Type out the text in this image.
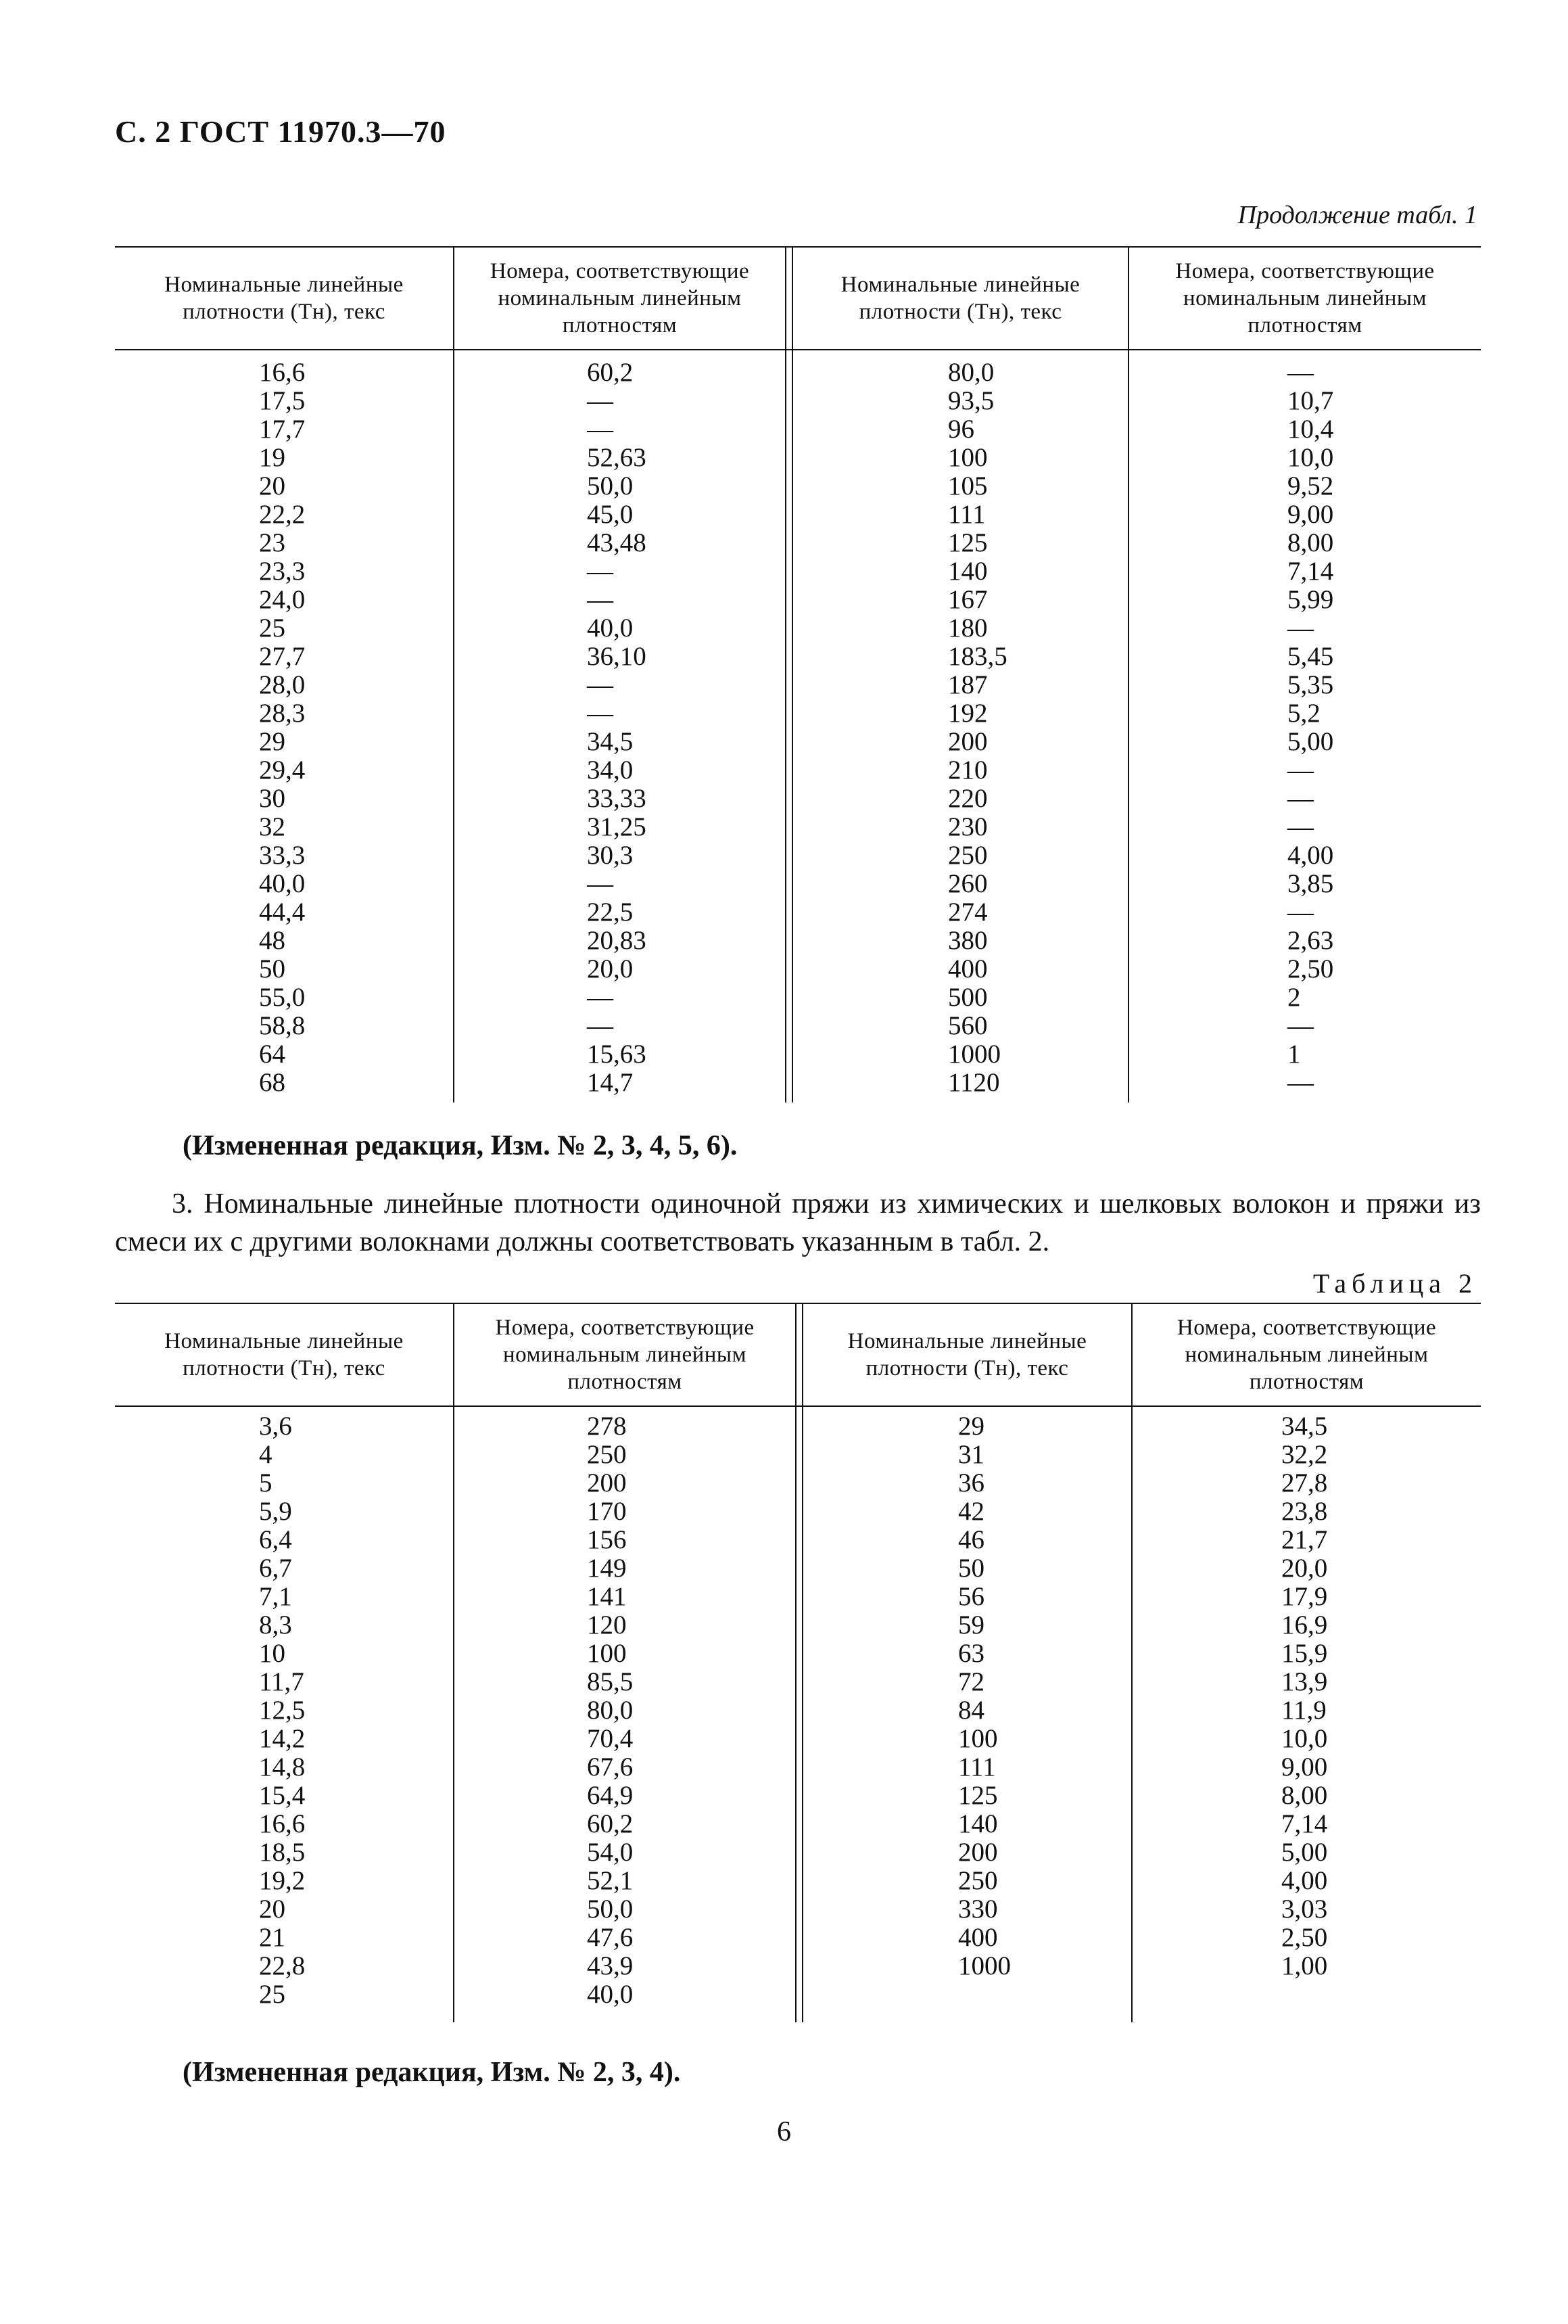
С. 2 ГОСТ 11970.3—70
Продолжение табл. 1
Номинальные линейные плотности (Tн), текс
Номера, соответствующие номинальным линейным плотностям
Номинальные линейные плотности (Tн), текс
Номера, соответствующие номинальным линейным плотностям
16,6
17,5
17,7
19
20
22,2
23
23,3
24,0
25
27,7
28,0
28,3
29
29,4
30
32
33,3
40,0
44,4
48
50
55,0
58,8
64
68
60,2
—
—
52,63
50,0
45,0
43,48
—
—
40,0
36,10
—
—
34,5
34,0
33,33
31,25
30,3
—
22,5
20,83
20,0
—
—
15,63
14,7
80,0
93,5
96
100
105
111
125
140
167
180
183,5
187
192
200
210
220
230
250
260
274
380
400
500
560
1000
1120
—
10,7
10,4
10,0
9,52
9,00
8,00
7,14
5,99
—
5,45
5,35
5,2
5,00
—
—
—
4,00
3,85
—
2,63
2,50
2
—
1
—
(Измененная редакция, Изм. № 2, 3, 4, 5, 6).
3. Номинальные линейные плотности одиночной пряжи из химических и шелковых волокон и пряжи из смеси их с другими волокнами должны соответствовать указанным в табл. 2.
Таблица 2
Номинальные линейные плотности (Tн), текс
Номера, соответствующие номинальным линейным плотностям
Номинальные линейные плотности (Tн), текс
Номера, соответствующие номинальным линейным плотностям
3,6
4
5
5,9
6,4
6,7
7,1
8,3
10
11,7
12,5
14,2
14,8
15,4
16,6
18,5
19,2
20
21
22,8
25
278
250
200
170
156
149
141
120
100
85,5
80,0
70,4
67,6
64,9
60,2
54,0
52,1
50,0
47,6
43,9
40,0
29
31
36
42
46
50
56
59
63
72
84
100
111
125
140
200
250
330
400
1000
34,5
32,2
27,8
23,8
21,7
20,0
17,9
16,9
15,9
13,9
11,9
10,0
9,00
8,00
7,14
5,00
4,00
3,03
2,50
1,00
(Измененная редакция, Изм. № 2, 3, 4).
6
